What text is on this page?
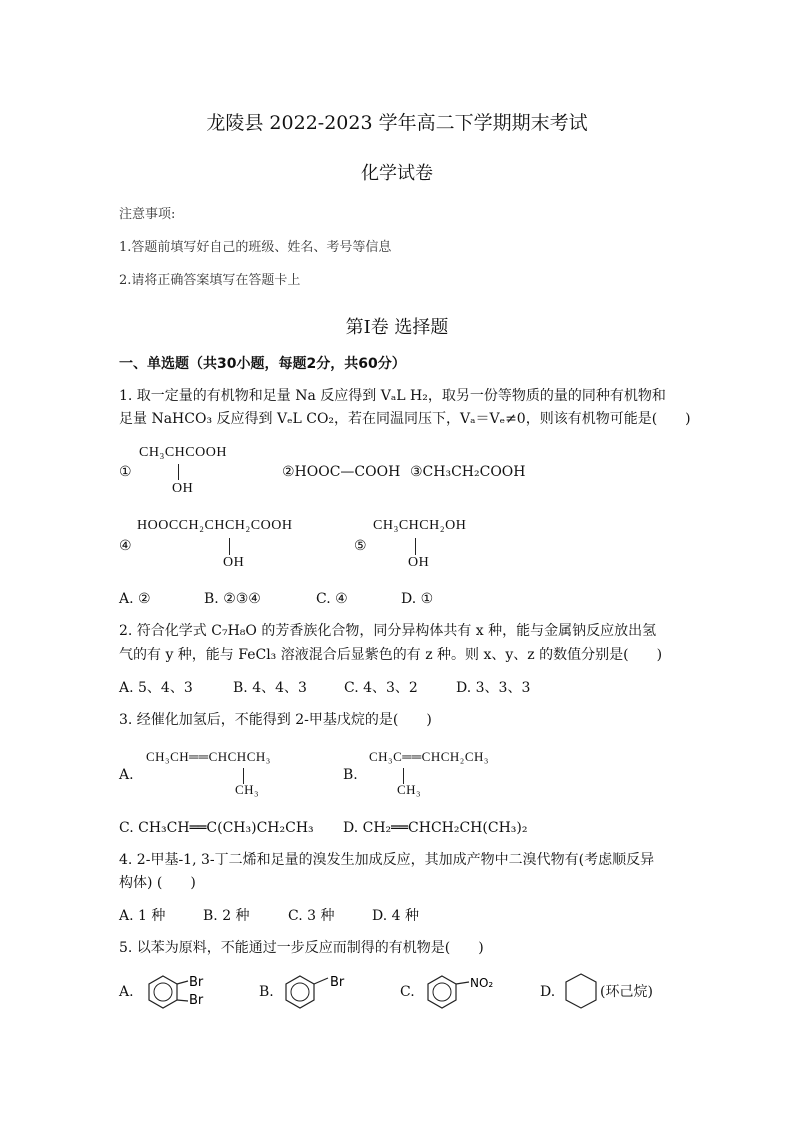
龙陵县 2022-2023 学年高二下学期期末考试
化学试卷
注意事项:
1.答题前填写好自己的班级、姓名、考号等信息
2.请将正确答案填写在答题卡上
第Ⅰ卷 选择题
一、单选题（共30小题，每题2分，共60分）
1. 取一定量的有机物和足量 Na 反应得到 VₐL H₂，取另一份等物质的量的同种有机物和
足量 NaHCO₃ 反应得到 VₑL CO₂，若在同温同压下，Vₐ＝Vₑ≠0，则该有机物可能是(　　)
①
CH₃CHCOOH
OH
②HOOC—COOH ③CH₃CH₂COOH
④
HOOCCH₂CHCH₂COOH
OH
⑤
CH₃CHCH₂OH
OH
A. ②	B. ②③④	C. ④	D. ①
2. 符合化学式 C₇H₈O 的芳香族化合物，同分异构体共有 x 种，能与金属钠反应放出氢
气的有 y 种，能与 FeCl₃ 溶液混合后显紫色的有 z 种。则 x、y、z 的数值分别是(　　)
A. 5、4、3	B. 4、4、3	C. 4、3、2	D. 3、3、3
3. 经催化加氢后，不能得到 2-甲基戊烷的是(　　)
A.
CH₃CH══CHCHCH₃
CH₃
B.
CH₃C══CHCH₂CH₃
CH₃
C. CH₃CH══C(CH₃)CH₂CH₃ D. CH₂══CHCH₂CH(CH₃)₂
4. 2-甲基-1, 3-丁二烯和足量的溴发生加成反应，其加成产物中二溴代物有(考虑顺反异
构体) (　　)
A. 1 种	B. 2 种	C. 3 种	D. 4 种
5. 以苯为原料，不能通过一步反应而制得的有机物是(　　)
A.
Br
Br
B.
Br
C.
NO₂
D.	(环己烷)
